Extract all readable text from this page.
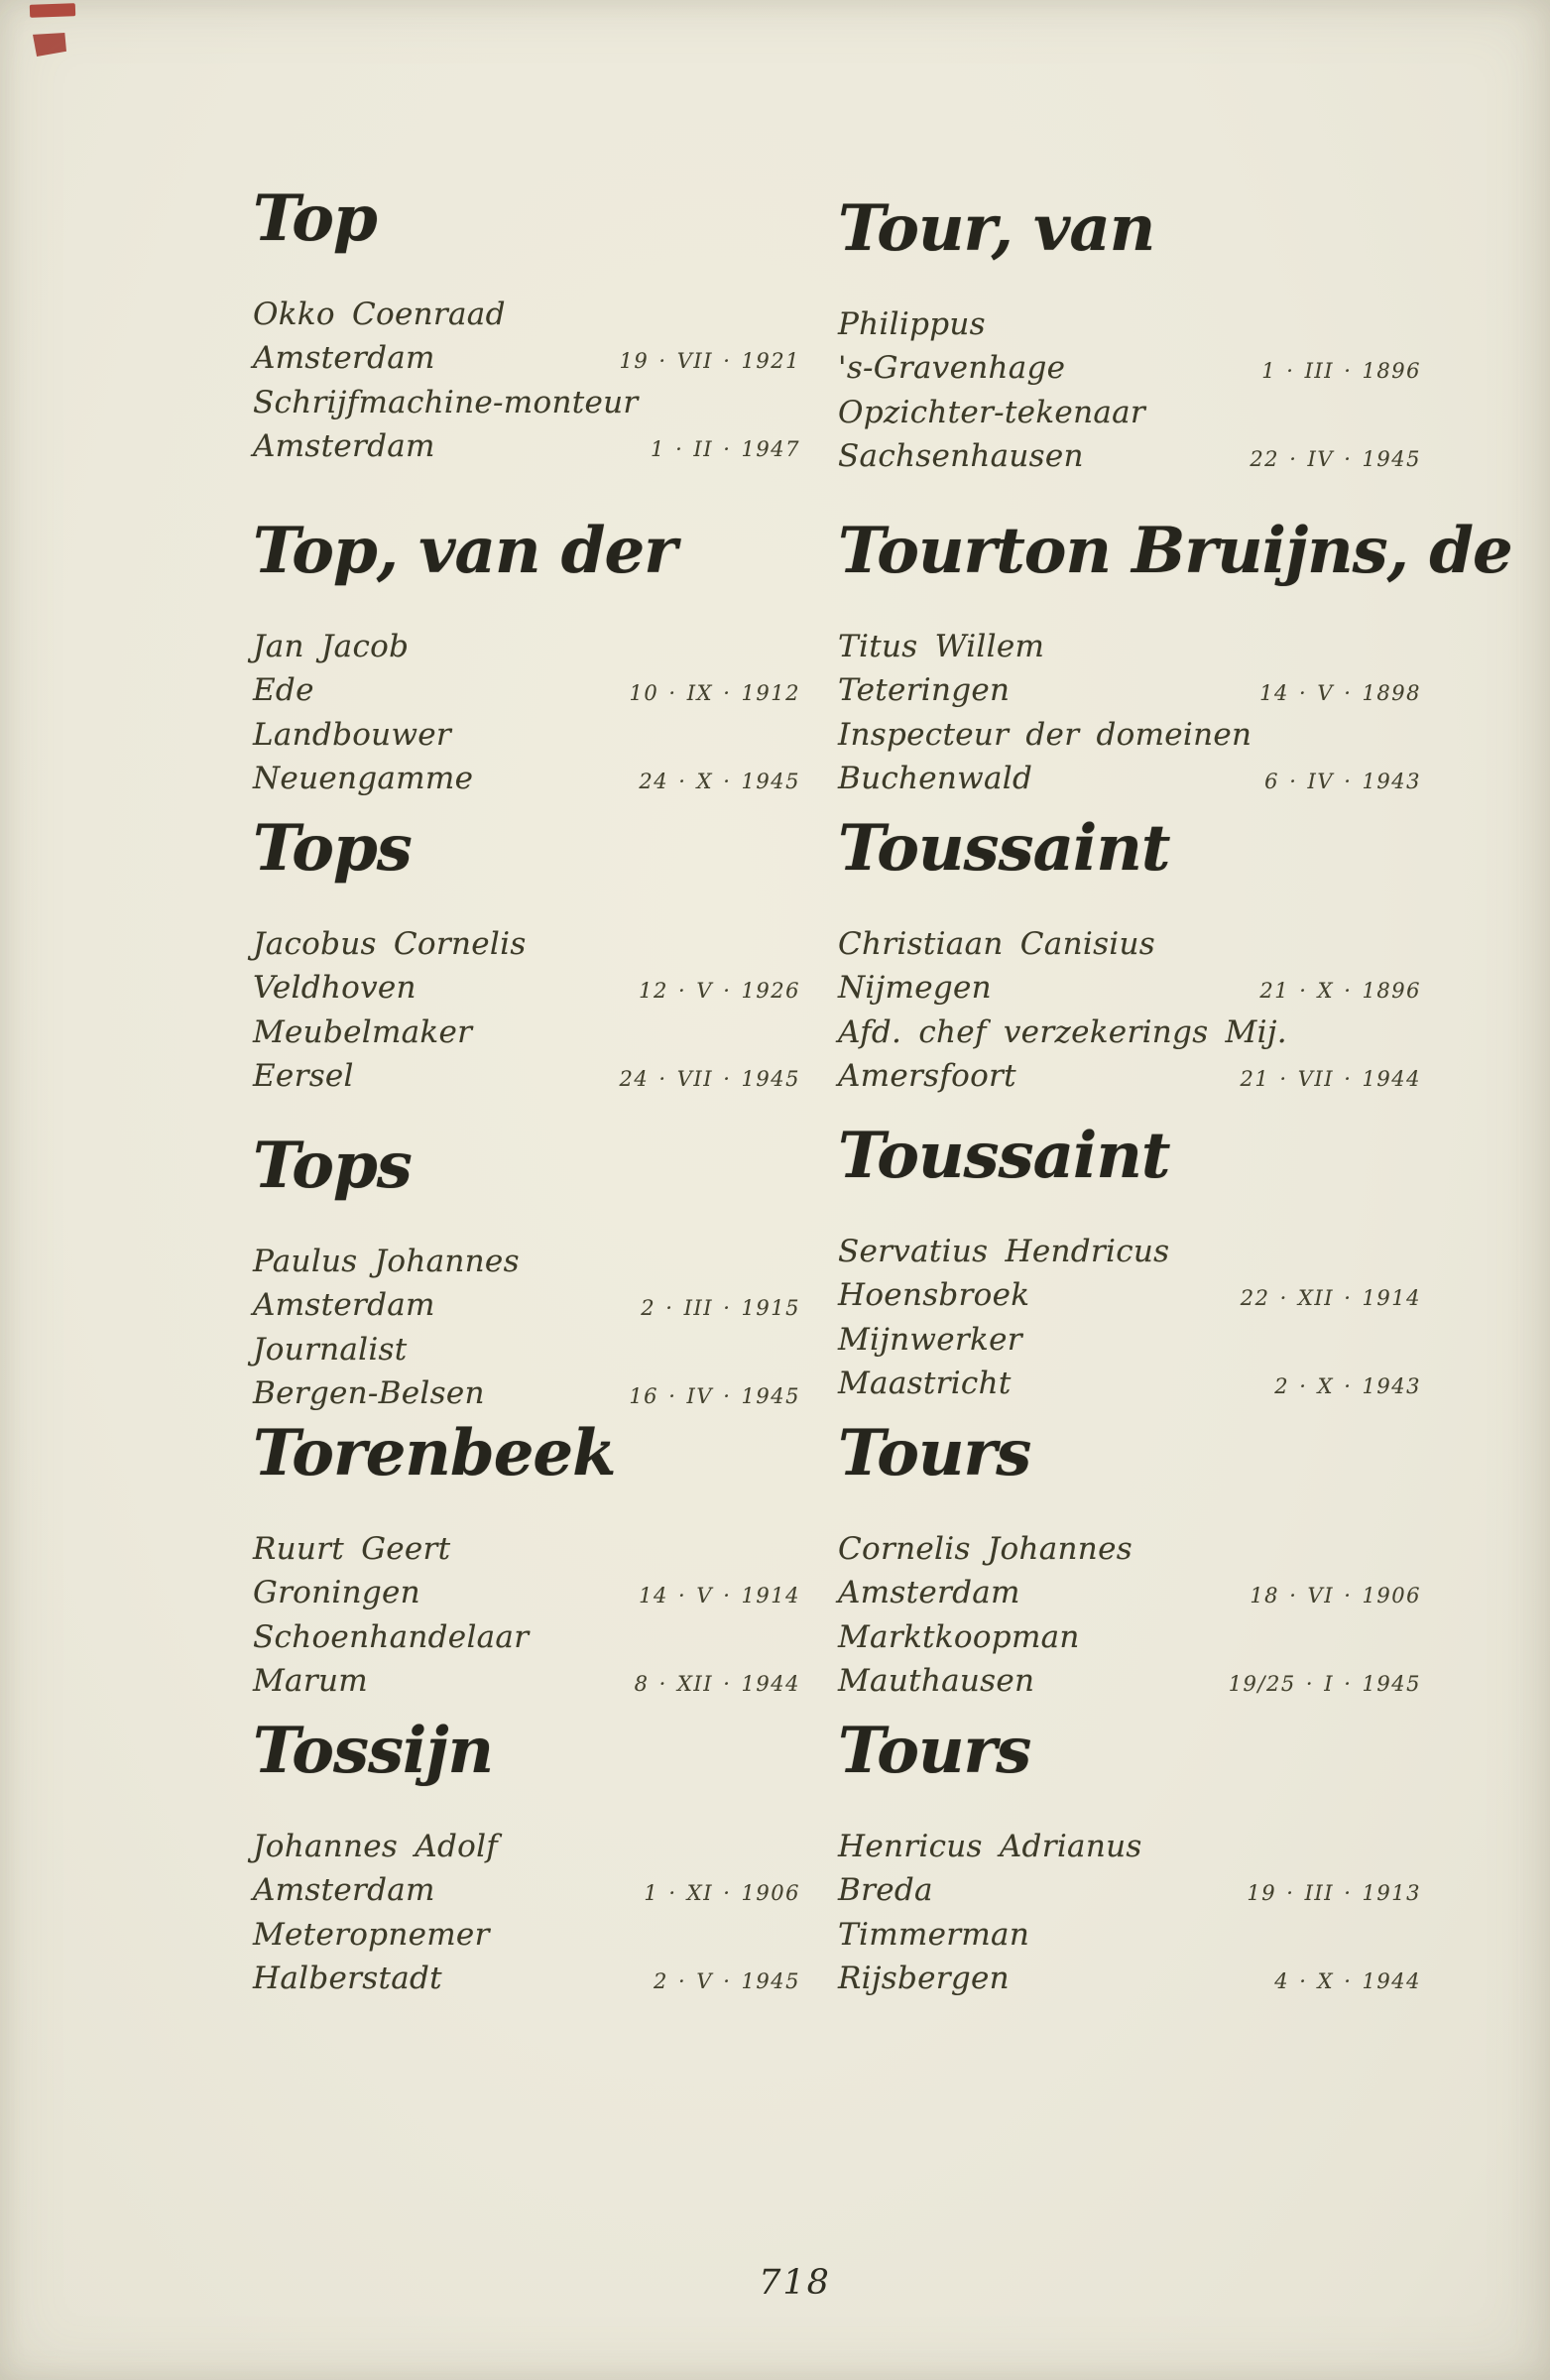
Top
Okko Coenraad
Amsterdam	19 · VII · 1921
Schrijfmachine-monteur
Amsterdam	1 · II · 1947
Top, van der
Jan Jacob
Ede	10 · IX · 1912
Landbouwer
Neuengamme	24 · X · 1945
Tops
Jacobus Cornelis
Veldhoven	12 · V · 1926
Meubelmaker
Eersel	24 · VII · 1945
Tops
Paulus Johannes
Amsterdam	2 · III · 1915
Journalist
Bergen-Belsen	16 · IV · 1945
Torenbeek
Ruurt Geert
Groningen	14 · V · 1914
Schoenhandelaar
Marum	8 · XII · 1944
Tossijn
Johannes Adolf
Amsterdam	1 · XI · 1906
Meteropnemer
Halberstadt	2 · V · 1945
Tour, van
Philippus
's-Gravenhage	1 · III · 1896
Opzichter-tekenaar
Sachsenhausen	22 · IV · 1945
Tourton Bruijns, de
Titus Willem
Teteringen	14 · V · 1898
Inspecteur der domeinen
Buchenwald	6 · IV · 1943
Toussaint
Christiaan Canisius
Nijmegen	21 · X · 1896
Afd. chef verzekerings Mij.
Amersfoort	21 · VII · 1944
Toussaint
Servatius Hendricus
Hoensbroek	22 · XII · 1914
Mijnwerker
Maastricht	2 · X · 1943
Tours
Cornelis Johannes
Amsterdam	18 · VI · 1906
Marktkoopman
Mauthausen	19/25 · I · 1945
Tours
Henricus Adrianus
Breda	19 · III · 1913
Timmerman
Rijsbergen	4 · X · 1944
718
